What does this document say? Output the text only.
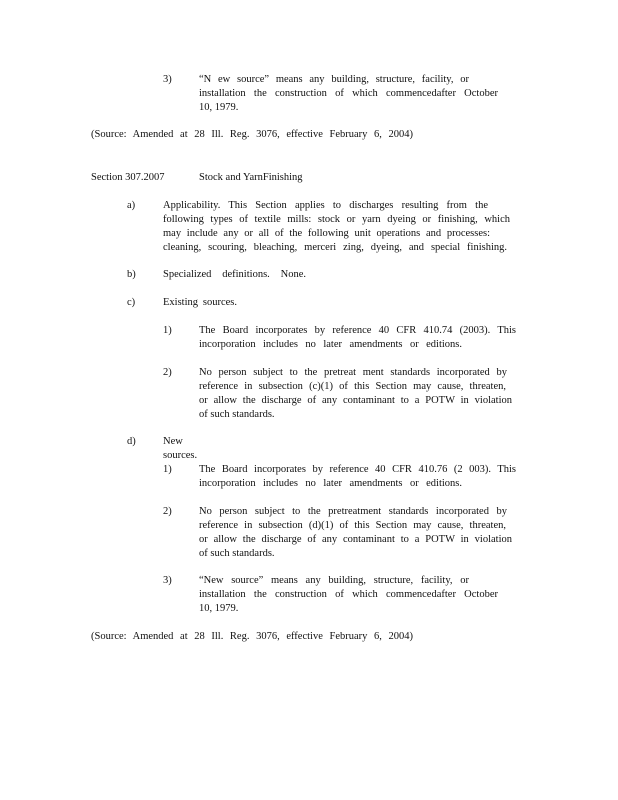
3)	“N ew source” means any building, structure, facility, or
installation the construction of which commencedafter October
10, 1979.
(Source: Amended at 28 Ill. Reg. 3076, effective February 6, 2004)
Section 307.2007	Stock and YarnFinishing
a)	Applicability. This Section applies to discharges resulting from the
following types of textile mills: stock or yarn dyeing or finishing, which
may include any or all of the following unit operations and processes:
cleaning, scouring, bleaching, merceri zing, dyeing, and special finishing.
b)	Specialized definitions. None.
c)	Existing sources.
1)	The Board incorporates by reference 40 CFR 410.74 (2003). This
incorporation includes no later amendments or editions.
2)	No person subject to the pretreat ment standards incorporated by
reference in subsection (c)(1) of this Section may cause, threaten,
or allow the discharge of any contaminant to a POTW in violation
of such standards.
d)	New sources.
1)	The Board incorporates by reference 40 CFR 410.76 (2 003). This
incorporation includes no later amendments or editions.
2)	No person subject to the pretreatment standards incorporated by
reference in subsection (d)(1) of this Section may cause, threaten,
or allow the discharge of any contaminant to a POTW in violation
of such standards.
3)	“New source” means any building, structure, facility, or
installation the construction of which commencedafter October
10, 1979.
(Source: Amended at 28 Ill. Reg. 3076, effective February 6, 2004)
